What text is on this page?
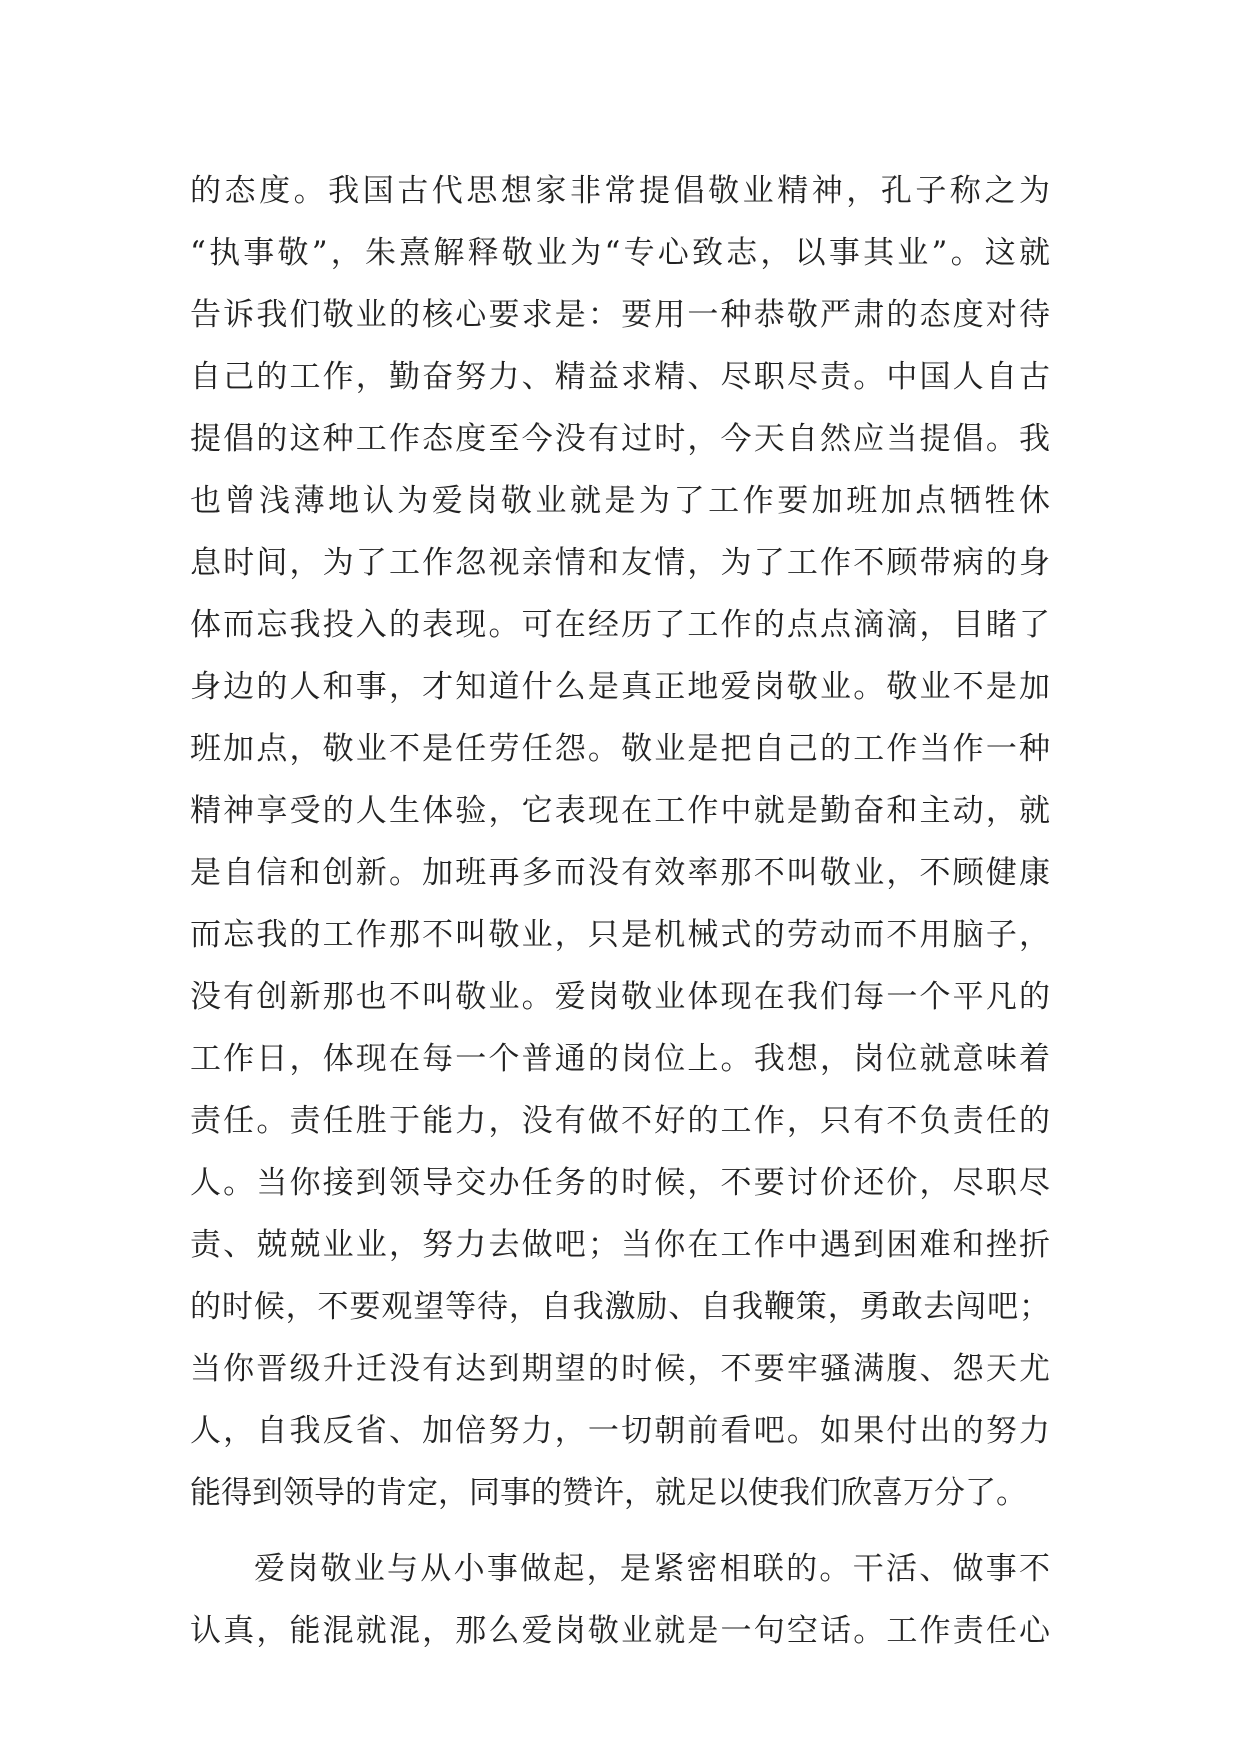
的态度。我国古代思想家非常提倡敬业精神，孔子称之为
“执事敬”，朱熹解释敬业为“专心致志，以事其业”。这就
告诉我们敬业的核心要求是：要用一种恭敬严肃的态度对待
自己的工作，勤奋努力、精益求精、尽职尽责。中国人自古
提倡的这种工作态度至今没有过时，今天自然应当提倡。我
也曾浅薄地认为爱岗敬业就是为了工作要加班加点牺牲休
息时间，为了工作忽视亲情和友情，为了工作不顾带病的身
体而忘我投入的表现。可在经历了工作的点点滴滴，目睹了
身边的人和事，才知道什么是真正地爱岗敬业。敬业不是加
班加点，敬业不是任劳任怨。敬业是把自己的工作当作一种
精神享受的人生体验，它表现在工作中就是勤奋和主动，就
是自信和创新。加班再多而没有效率那不叫敬业，不顾健康
而忘我的工作那不叫敬业，只是机械式的劳动而不用脑子，
没有创新那也不叫敬业。爱岗敬业体现在我们每一个平凡的
工作日，体现在每一个普通的岗位上。我想，岗位就意味着
责任。责任胜于能力，没有做不好的工作，只有不负责任的
人。当你接到领导交办任务的时候，不要讨价还价，尽职尽
责、兢兢业业，努力去做吧；当你在工作中遇到困难和挫折
的时候，不要观望等待，自我激励、自我鞭策，勇敢去闯吧；
当你晋级升迁没有达到期望的时候，不要牢骚满腹、怨天尤
人，自我反省、加倍努力，一切朝前看吧。如果付出的努力
能得到领导的肯定，同事的赞许，就足以使我们欣喜万分了。
爱岗敬业与从小事做起，是紧密相联的。干活、做事不
认真，能混就混，那么爱岗敬业就是一句空话。工作责任心
